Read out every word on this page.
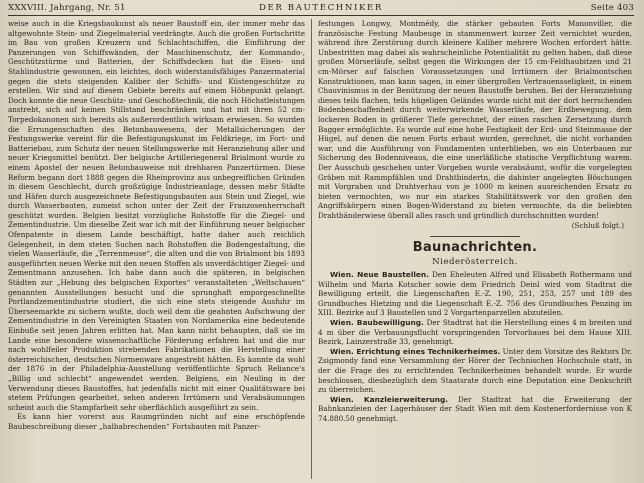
XXXVIII. Jahrgang, Nr. 51	DER BAUTECHNIKER	Seite 403

weise auch in die Kriegsbaukunst als neuer Baustoff ein, der immer mehr das altgewohnte Stein- und Ziegelmaterial verdrängte. Auch die großen Fortschritte im Bau von großen Kreuzern und Schlachtschiffen, die Einführung der Panzerungen von Schiffswänden, der Maschinenschutz, der Kommando-, Geschützstürme und Batterien, der Schiffsdecken hat die Eisen- und Stahlindustrie gewonnen, ein leichtes, doch widerstandsfähiges Panzermaterial gegen die stets steigenden Kaliber der Schiffs- und Küstengeschütze zu erstellen. Wir sind auf diesem Gebiete bereits auf einem Höhepunkt gelangt. Doch konnte die neue Geschütz- und Geschoßtechnik, die noch Höchstleistungen anstrebt, sich auf keinen Stillstand beschränken und hat mit ihren 52 cm-Torpedokanonen sich bereits als außerordentlich wirksam erwiesen. So wurden die Errungenschaften des Betonbauwesens, der Metallsicherungen der Festungswerke vereint für die Befestigungskunst im Feldkriege, im Fort- und Batteriebau, zum Schutz der neuen Stellungswerke mit Heranziehung aller und neuer Kriegsmittel benützt. Der belgische Artilleriegeneral Brialmont wurde zu einem Apostel der neuen Betonbauweise mit drehbaren Panzertürmen. Diese Reform begann dort 1888 gegen die Rheinprovinz aus unbegreiflichen Gründen in diesem Geschlecht, durch großzügige Industrieanlage, dessen mehr Städte und Häfen durch ausgezeichnete Befestigungsbauten aus Stein und Ziegel, wie durch Wasserbauten, zumeist schon unter der Zeit der Franzosenherrschaft geschützt wurden. Belgien besitzt vorzügliche Rohstoffe für die Ziegel- und Zementindustrie. Um dieselbe Zeit war ich mit der Einführung neuer belgischer Ofenpatente in diesem Lande beschäftigt, hatte daher auch reichlich Gelegenheit, in dem steten Suchen nach Rohstoffen die Bodengestaltung, die vielen Wasserläufe, die „Terrenmeuse“, die alten und die von Brialmont bis 1893 ausgeführten neuen Werke mit den neuen Stoffen als unverdächtiger Ziegel- und Zementmann anzusehen. Ich habe dann auch die späteren, in belgischen Städten zur „Hebung des belgischen Exportes“ veranstalteten „Weltschauen“ genannten Ausstellungen besucht und die sprunghaft emporgeschnellte Portlandzementindustrie studiert, die sich eine stets steigende Ausfuhr im Überseemarkte zu sichern wußte, doch weil dem die geahnten Aufschwung der Zementindustrie in den Vereinigten Staaten von Nordamerika eine bedeutende Einbuße seit jenen Jahren erlitten hat. Man kann nicht behaupten, daß sie im Lande eine besondere wissenschaftliche Förderung erfahren hat und die nur nach wohlfeiler Produktion strebenden Fabrikationen die Herstellung einer österreichischen, deutschen Normenware angestrebt hätten. Es konnte da wohl der 1876 in der Philadelphia-Ausstellung veröffentlichte Spruch Reliance‘s „Billig und schlecht“ angewendet werden. Belgiens, ein Neuling in der Verwendung dieses Baustoffes, hat jedenfalls nicht mit einer Qualitätsware bei stetem Prüfungen gearbeitet, sehen anderen Irrtümern und Verabsäumungen scheint auch die Stampfarbeit sehr oberflächlich ausgeführt zu sein.

Es kann hier vorerst aus Raumgründen nicht auf eine erschöpfende Baubeschreibung dieser „halbabrechenden“ Fortsbauten mit Panzer-

festungen Longwy, Montmédy, die stärker gebauten Forts Manonviller, die französische Festung Maubeuge in stammenwert kurzer Zeit vernichtet wurden, während ihre Zerstörung durch kleinere Kaliber mehrere Wochen erfordert hätte. Unbestritten mag dabei als wahrscheinliche Potentialität zu gelten haben, daß diese großen Mörserläufe, selbst gegen die Wirkungen der 15 cm-Feldhaubitzen und 21 cm-Mörser auf falschen Voraussetzungen und Irrtümern der Brialmontschen Konstruktionen, man kann sagen, in einer übergroßen Vertrauensseligkeit, in einem Chauvinismus in der Benützung der neuen Baustoffe beruhen. Bei der Heranziehung dieses teils flachen, teils hügeligen Geländes wurde nicht mit der dort herrschenden Bodenbeschaffenheit durch weiterwirkende Wasserläufe, der Erdbewegung, dem lockeren Boden in größerer Tiefe gerechnet, der einen raschen Zersetzung durch Bagger ermöglichte. Es wurde auf eine hohe Festigkeit der Erd- und Steinmasse der Hügel, auf denen die neuen Forts erbaut wurden, gerechnet, die nicht vorhanden war, und die Ausführung von Fundamenten unterblieben, wo ein Unterbauen zur Sicherung des Bodenniveaus, die eine unerläßliche statische Verpflichtung warem. Der Ausschub geschehen unter Vorgeben wurde verabsäumt, wofür die vorgelegten Gräben mit Rammpfählen und Drahtbindertn, die dahinter angelegten Böschungen mit Vorgraben und Drahtverhau von je 1000 m keinen ausreichenden Ersatz zu bieten vermochten, wo nur ein starkes Stabilitätswerk vor den großen den Angriffskörpern einen Bogen-Widerstand zu bieten vermochte, da die beliebten Drahtbänderwiese überall alles rasch und gründlich durchschnitten wurden!

(Schluß folgt.)
Baunachrichten.
Niederösterreich.

Wien. Neue Baustellen. Den Eheleuten Alfred und Elisabeth Rothermann und Wilhelm und Maria Kotscher sowie dem Friedrich Deinl wird vom Stadtrat die Bewilligung erteilt, die Liegenschaften E.-Z. 190, 251, 253, 257 und 189 des Grundbuches Hietzing und die Liegenschaft E.-Z. 756 des Grundbuches Penzing im XIII. Bezirke auf 3 Baustellen und 2 Vorgartenparzellen abzuteilen.

Wien. Baubewilligung. Der Stadtrat hat die Herstellung eines 4 m breiten und 4 m über die Verbauungsflucht vorspringenden Torvorbaues bei dem Hause XIII. Bezirk, Lainzerstraße 33, genehmigt.

Wien. Errichtung eines Technikerheimes. Unter dem Vorsitze des Rektors Dr. Zsigmondy fand eine Versammlung der Hörer der Technischen Hochschule statt, in der die Frage des zu errichtenden Technikerheimes behandelt wurde. Er wurde beschlossen, diesbezüglich dem Staatsrate durch eine Deputation eine Denkschrift zu überreichen.

Wien. Kanzleierweiterung. Der Stadtrat hat die Erweiterung der Bahnkanzleien der Lagerhäuser der Stadt Wien mit dem Kostenerfordernisse von K 74.880.50 genehmigt.
